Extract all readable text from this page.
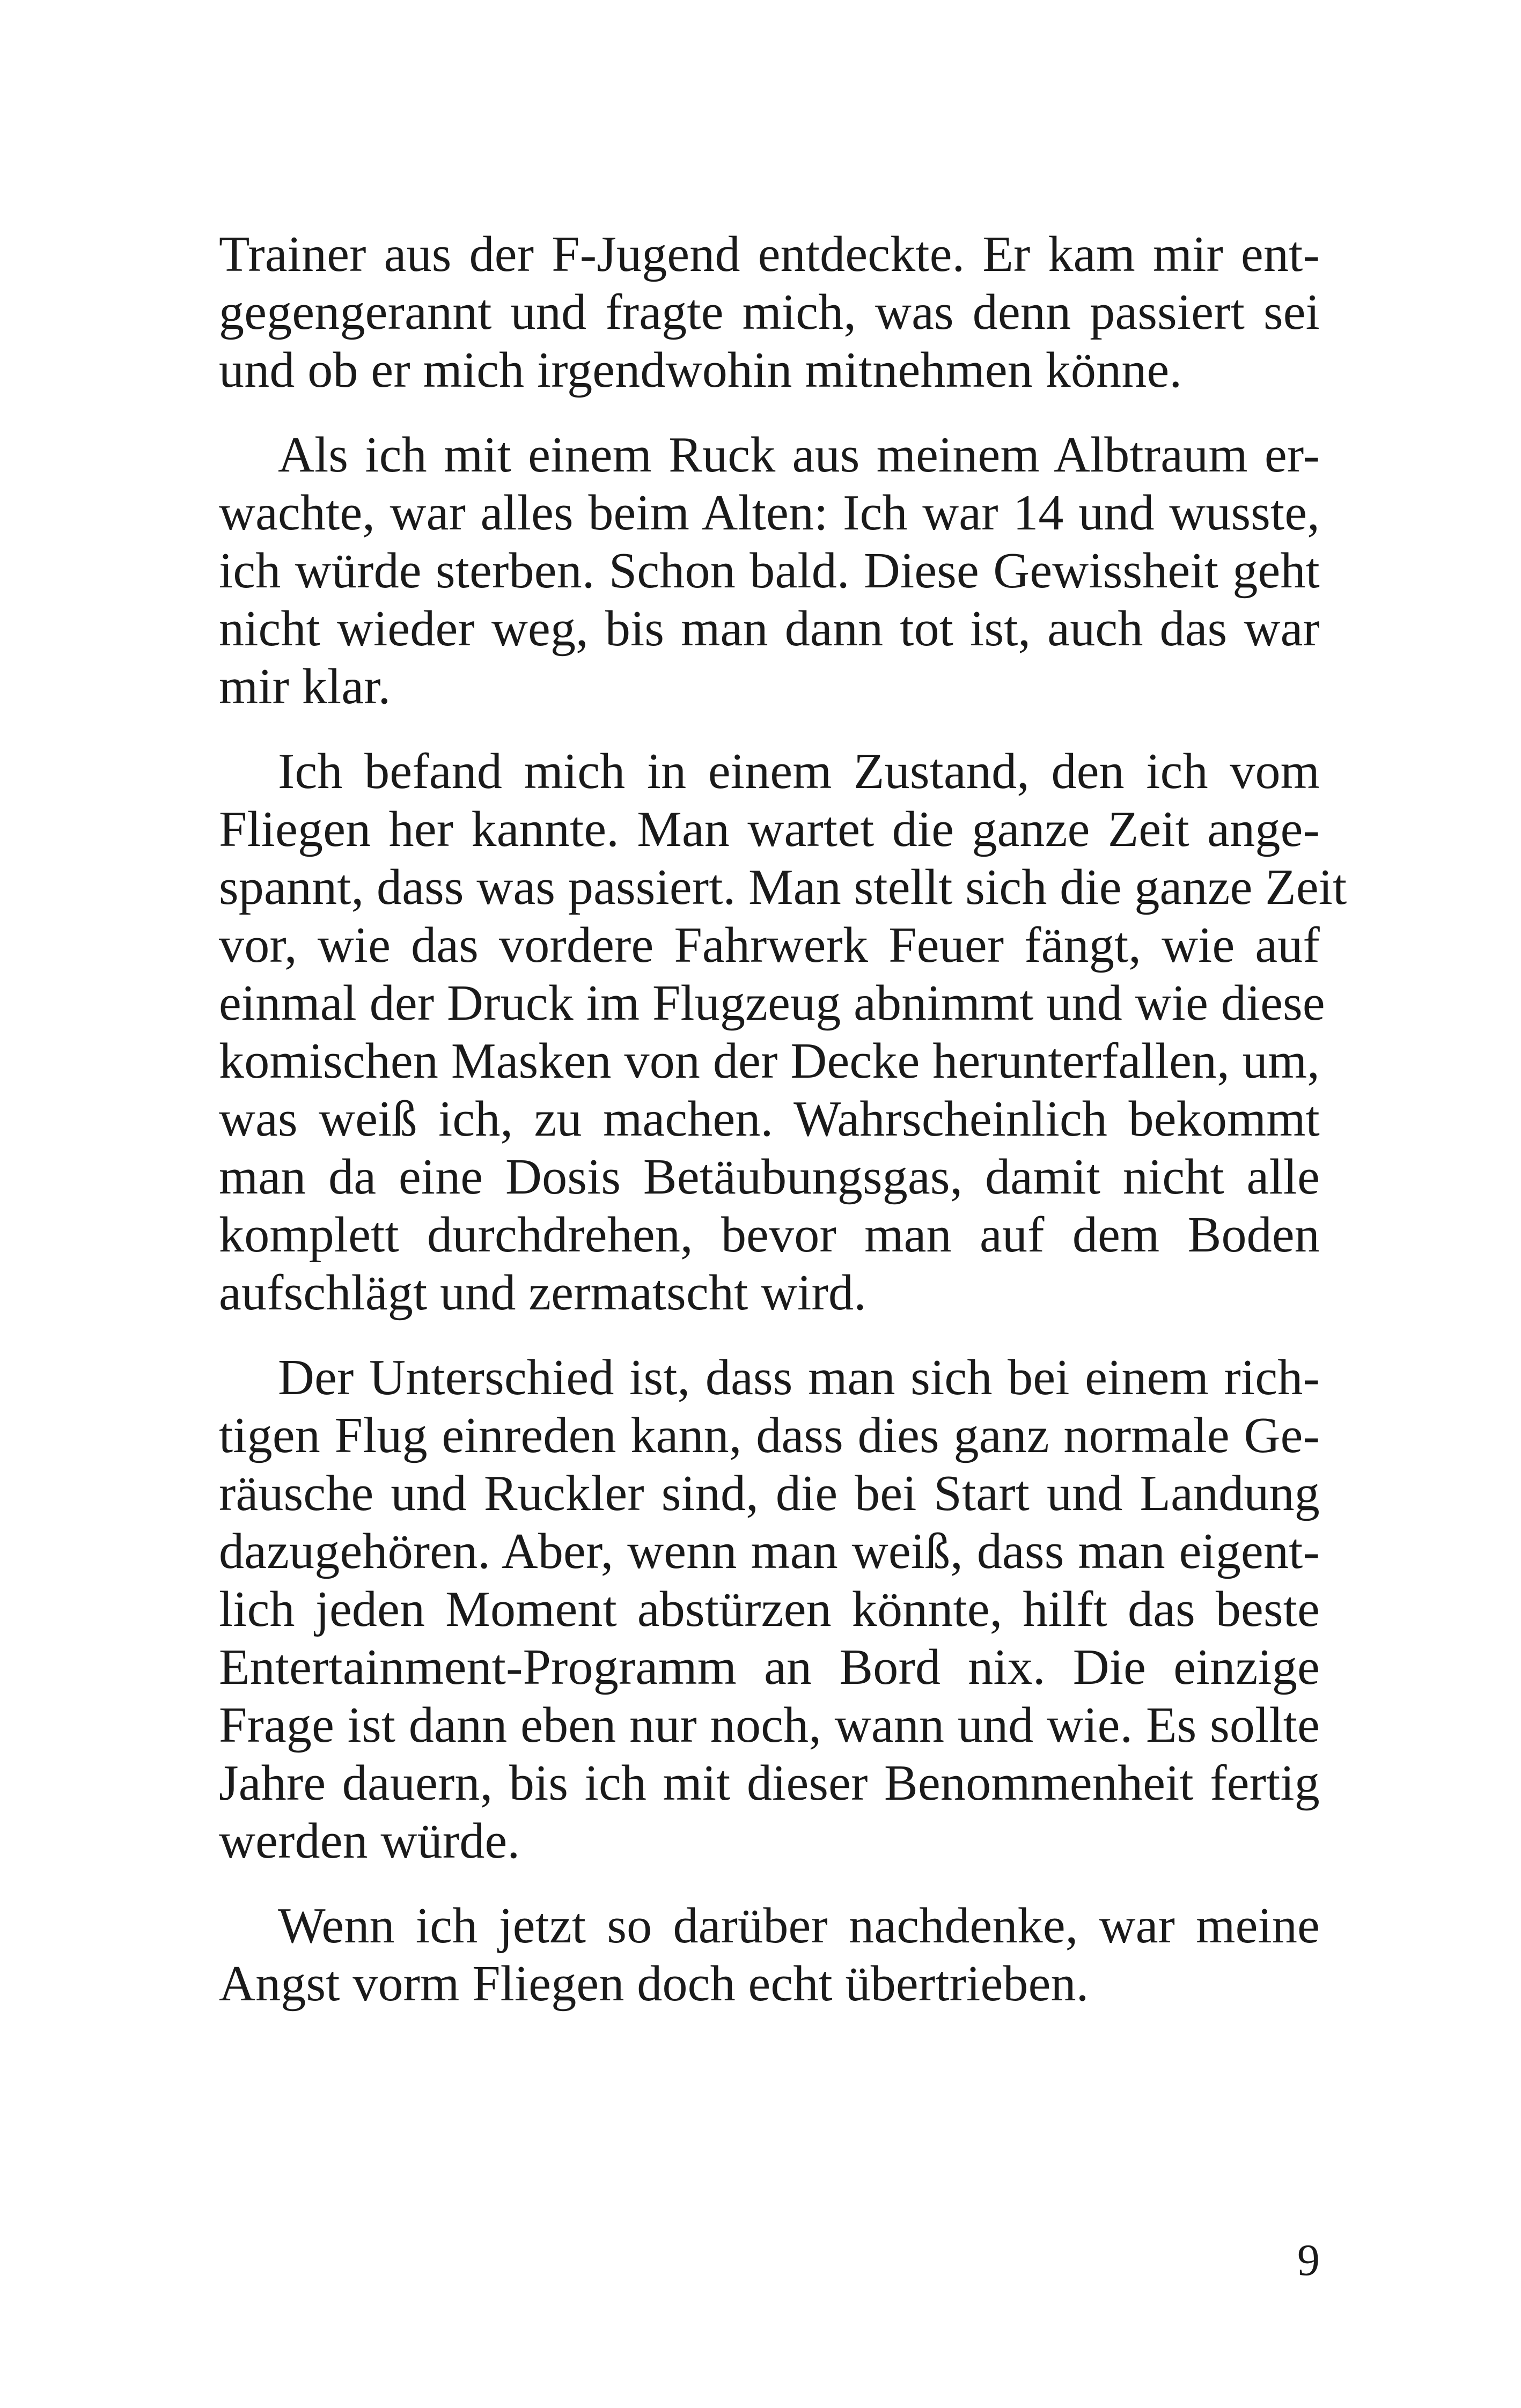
Trainer aus der F-Jugend entdeckte. Er kam mir ent-
gegengerannt und fragte mich, was denn passiert sei
und ob er mich irgendwohin mitnehmen könne.
Als ich mit einem Ruck aus meinem Albtraum er-
wachte, war alles beim Alten: Ich war 14 und wusste,
ich würde sterben. Schon bald. Diese Gewissheit geht
nicht wieder weg, bis man dann tot ist, auch das war
mir klar.
Ich befand mich in einem Zustand, den ich vom
Fliegen her kannte. Man wartet die ganze Zeit ange-
spannt, dass was passiert. Man stellt sich die ganze Zeit
vor, wie das vordere Fahrwerk Feuer fängt, wie auf
einmal der Druck im Flugzeug abnimmt und wie diese
komischen Masken von der Decke herunterfallen, um,
was weiß ich, zu machen. Wahrscheinlich bekommt
man da eine Dosis Betäubungsgas, damit nicht alle
komplett durchdrehen, bevor man auf dem Boden
aufschlägt und zermatscht wird.
Der Unterschied ist, dass man sich bei einem rich-
tigen Flug einreden kann, dass dies ganz normale Ge-
räusche und Ruckler sind, die bei Start und Landung
dazugehören. Aber, wenn man weiß, dass man eigent-
lich jeden Moment abstürzen könnte, hilft das beste
Entertainment-Programm an Bord nix. Die einzige
Frage ist dann eben nur noch, wann und wie. Es sollte
Jahre dauern, bis ich mit dieser Benommenheit fertig
werden würde.
Wenn ich jetzt so darüber nachdenke, war meine
Angst vorm Fliegen doch echt übertrieben.
9
